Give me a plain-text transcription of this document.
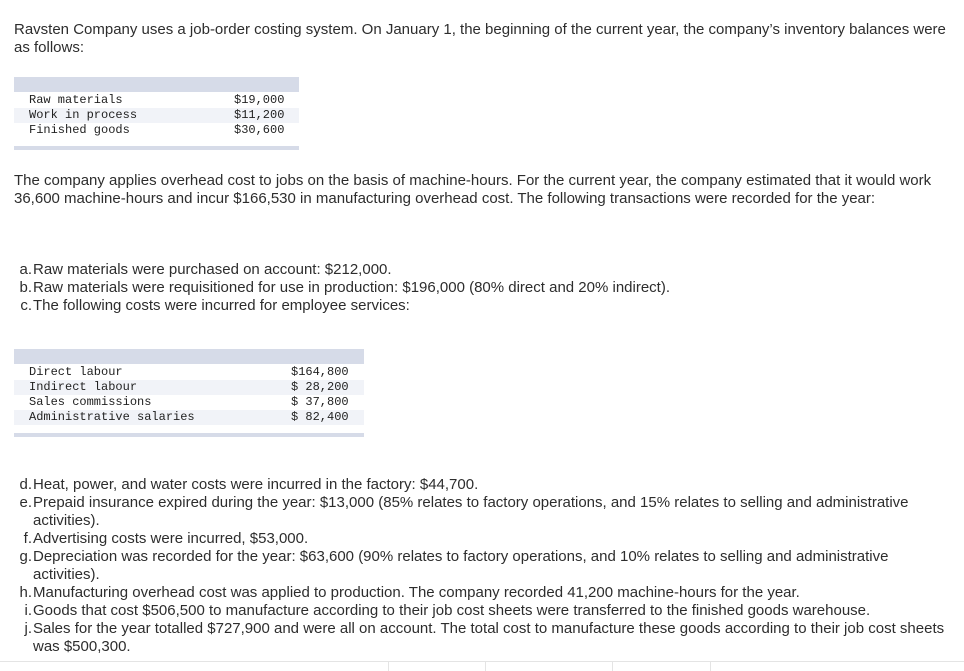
Ravsten Company uses a job-order costing system. On January 1, the beginning of the current year, the company’s inventory balances were as follows:

Raw materials	$19,000
Work in process	$11,200
Finished goods	$30,600

The company applies overhead cost to jobs on the basis of machine-hours. For the current year, the company estimated that it would work 36,600 machine-hours and incur $166,530 in manufacturing overhead cost. The following transactions were recorded for the year:

a. Raw materials were purchased on account: $212,000.
b. Raw materials were requisitioned for use in production: $196,000 (80% direct and 20% indirect).
c. The following costs were incurred for employee services:
Direct labour	$164,800
Indirect labour	$ 28,200
Sales commissions	$ 37,800
Administrative salaries	$ 82,400
d. Heat, power, and water costs were incurred in the factory: $44,700.
e. Prepaid insurance expired during the year: $13,000 (85% relates to factory operations, and 15% relates to selling and administrative activities).
f. Advertising costs were incurred, $53,000.
g. Depreciation was recorded for the year: $63,600 (90% relates to factory operations, and 10% relates to selling and administrative activities).
h. Manufacturing overhead cost was applied to production. The company recorded 41,200 machine-hours for the year.
i. Goods that cost $506,500 to manufacture according to their job cost sheets were transferred to the finished goods warehouse.
j. Sales for the year totalled $727,900 and were all on account. The total cost to manufacture these goods according to their job cost sheets was $500,300.
